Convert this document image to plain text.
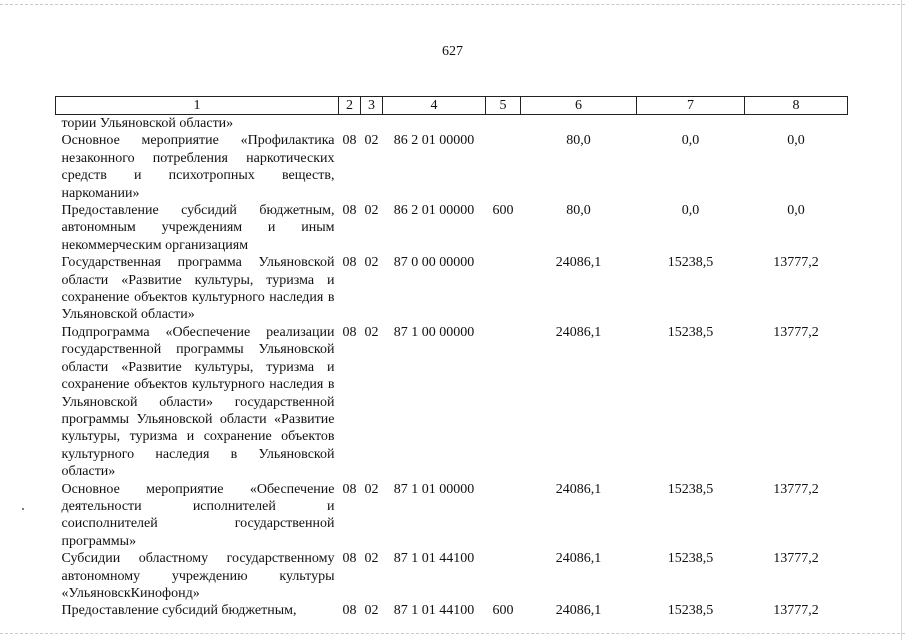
627
1	2	3	4	5	6	7	8
тории Ульяновской области»							
Основное мероприятие «Профилактика незаконного потребления наркотических средств и психотропных веществ, наркомании»	08	02	86 2 01 00000		80,0	0,0	0,0
Предоставление субсидий бюджетным, автономным учреждениям и иным некоммерческим организациям	08	02	86 2 01 00000	600	80,0	0,0	0,0
Государственная программа Ульяновской области «Развитие культуры, туризма и сохранение объектов культурного наследия в Ульяновской области»	08	02	87 0 00 00000		24086,1	15238,5	13777,2
Подпрограмма «Обеспечение реализации государственной программы Ульяновской области «Развитие культуры, туризма и сохранение объектов культурного наследия в Ульяновской области» государственной программы Ульяновской области «Развитие культуры, туризма и сохранение объектов культурного наследия в Ульяновской области»	08	02	87 1 00 00000		24086,1	15238,5	13777,2
Основное мероприятие «Обеспечение деятельности исполнителей и соисполнителей государственной программы»	08	02	87 1 01 00000		24086,1	15238,5	13777,2
Субсидии областному государственному автономному учреждению культуры «УльяновскКинофонд»	08	02	87 1 01 44100		24086,1	15238,5	13777,2
Предоставление субсидий бюджетным,	08	02	87 1 01 44100	600	24086,1	15238,5	13777,2
